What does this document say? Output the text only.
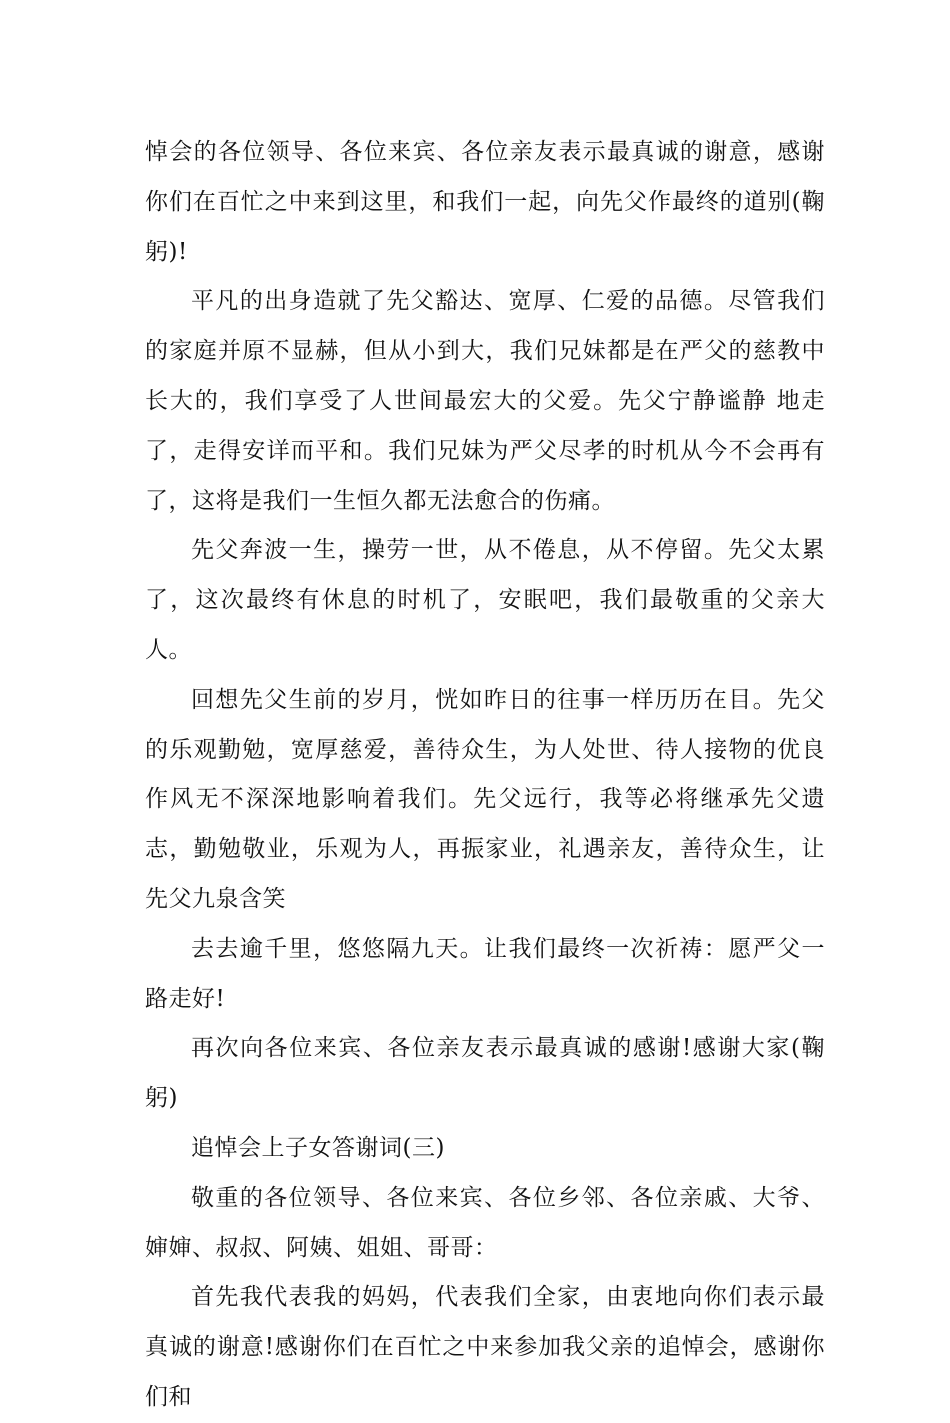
悼会的各位领导、各位来宾、各位亲友表示最真诚的谢意，感谢你们在百忙之中来到这里，和我们一起，向先父作最终的道别(鞠躬)!

平凡的出身造就了先父豁达、宽厚、仁爱的品德。尽管我们的家庭并原不显赫，但从小到大，我们兄妹都是在严父的慈教中长大的，我们享受了人世间最宏大的父爱。先父宁静谧静 地走了，走得安详而平和。我们兄妹为严父尽孝的时机从今不会再有了，这将是我们一生恒久都无法愈合的伤痛。

先父奔波一生，操劳一世，从不倦息，从不停留。先父太累了，这次最终有休息的时机了，安眠吧，我们最敬重的父亲大人。

回想先父生前的岁月，恍如昨日的往事一样历历在目。先父的乐观勤勉，宽厚慈爱，善待众生，为人处世、待人接物的优良作风无不深深地影响着我们。先父远行，我等必将继承先父遗志，勤勉敬业，乐观为人，再振家业，礼遇亲友，善待众生，让先父九泉含笑

去去逾千里，悠悠隔九天。让我们最终一次祈祷：愿严父一路走好!

再次向各位来宾、各位亲友表示最真诚的感谢!感谢大家(鞠躬)

追悼会上子女答谢词(三)

敬重的各位领导、各位来宾、各位乡邻、各位亲戚、大爷、婶婶、叔叔、阿姨、姐姐、哥哥：

首先我代表我的妈妈，代表我们全家，由衷地向你们表示最真诚的谢意!感谢你们在百忙之中来参加我父亲的追悼会，感谢你们和
